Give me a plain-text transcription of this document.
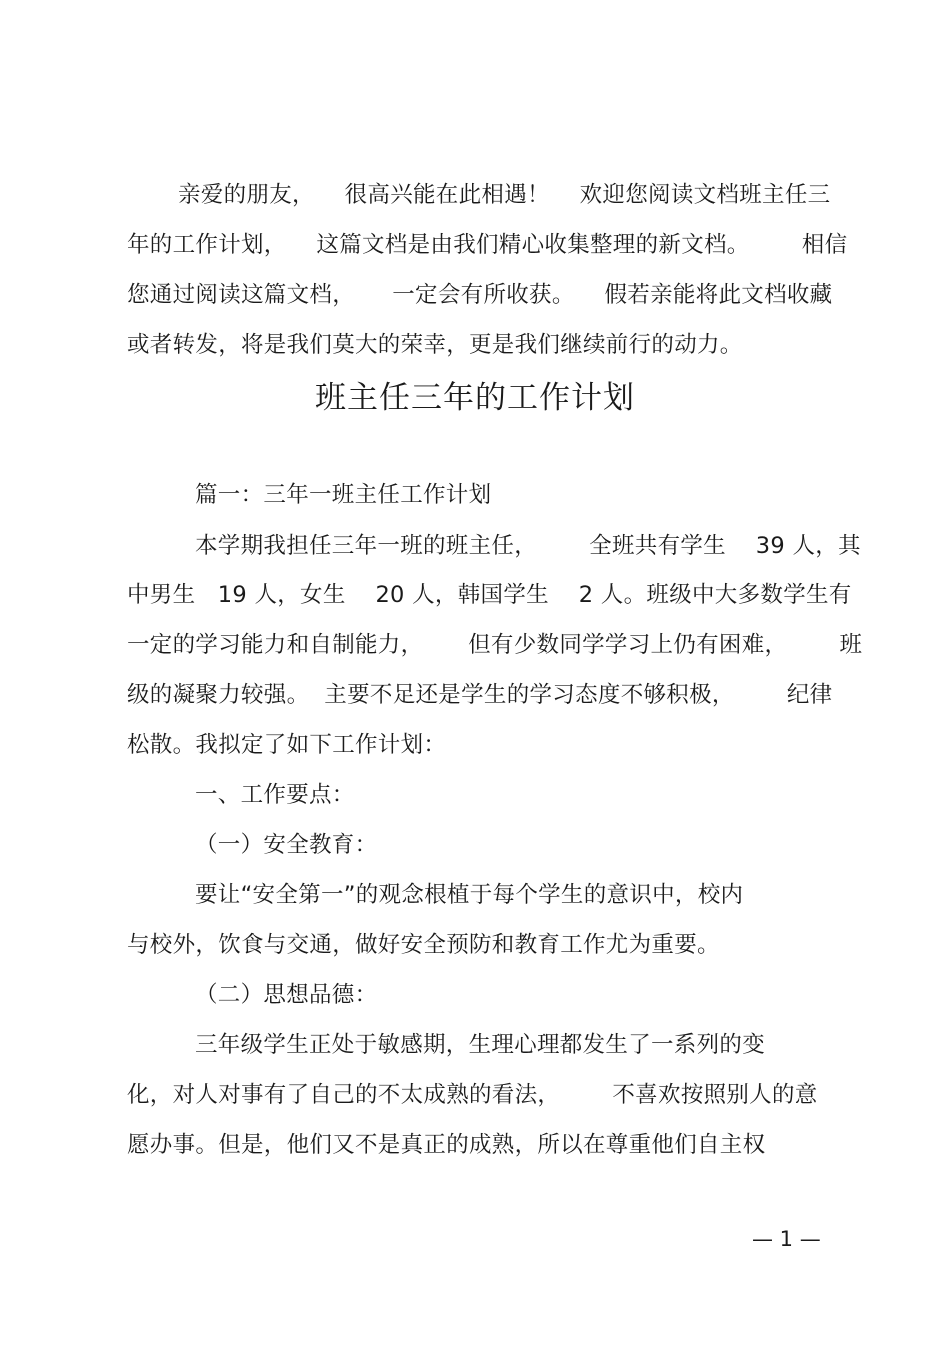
亲爱的朋友，    很高兴能在此相遇！    欢迎您阅读文档班主任三
年的工作计划，    这篇文档是由我们精心收集整理的新文档。       相信
您通过阅读这篇文档，     一定会有所收获。    假若亲能将此文档收藏
或者转发，将是我们莫大的荣幸，更是我们继续前行的动力。
班主任三年的工作计划
篇一：三年一班主任工作计划
本学期我担任三年一班的班主任，       全班共有学生    39 人，其
中男生   19 人，女生    20 人，韩国学生    2 人。班级中大多数学生有
一定的学习能力和自制能力，      但有少数同学学习上仍有困难，       班
级的凝聚力较强。  主要不足还是学生的学习态度不够积极，       纪律
松散。我拟定了如下工作计划：
一、工作要点：
（一）安全教育：
要让“安全第一”的观念根植于每个学生的意识中，校内
与校外，饮食与交通，做好安全预防和教育工作尤为重要。
（二）思想品德：
三年级学生正处于敏感期，生理心理都发生了一系列的变
化，对人对事有了自己的不太成熟的看法，       不喜欢按照别人的意
愿办事。但是，他们又不是真正的成熟，所以在尊重他们自主权
— 1 —
